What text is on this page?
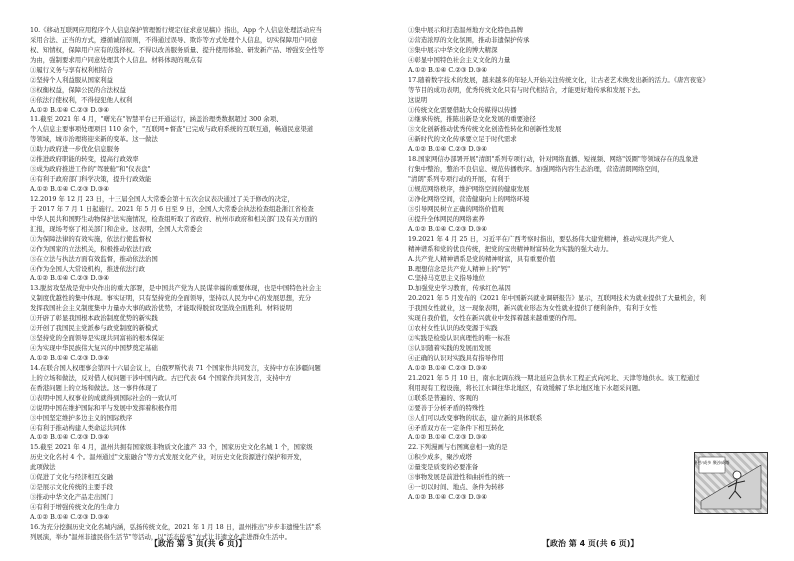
10.《移动互联网应用程序个人信息保护管理暂行规定(征求意见稿)》指出，App 个人信息处理活动应当
采用合法、正当的方式，遵循诚信原则，不得通过误导、欺诈等方式处理个人信息，切实保障用户同意
权、知情权，保障用户应有的选择权。不得以改善服务质量、提升使用体验、研发新产品、增强安全性等
为由，强制要求用户同意处理其个人信息。材料体现的观点有
①履行义务与享有权利相结合
②坚持个人利益服从国家利益
③权衡权益，保障公民的合法权益
④依法行使权利，不得侵犯他人权利
A.①② B.①④ C.②③ D.③④
11.截至 2021 年 4 月，"曙光在"智慧平台已开通运行，涵盖治理类数据超过 300 余项、
个人信息主要事项处理项目 110 余个，"互联网+督查"已完成与政府系统的互联互通，畅通民意渠道
等领域，城市治理将迎来新的变革。这一做法
①助力政府进一步优化信息服务
②推进政府职能的转变，提高行政效率
③成为政府推进工作的"驾驶舱"和"仪表盘"
④有利于政府部门科学决策，提升行政效能
A.①② B.①④ C.②③ D.③④
12.2019 年 12 月 23 日，十三届全国人大常委会第十五次会议表决通过了关于修改的决定，
于 2017 年 7 月 1 日起施行。2021 年 5 月 6 日至 9 日，全国人大常委会执法检查组赴浙江省检查
中华人民共和国野生动物保护法实施情况，检查组听取了省政府、杭州市政府和相关部门及有关方面的
汇报，现场考察了相关部门和企业。这表明，全国人大常委会
①为保障法律的有效实施，依法行使监督权
②作为国家的立法机关，积极推动依法行政
③在立法与执法方面有效监督，推动依法治国
④作为全国人大常设机构，推进依法行政
A.①② B.①④ C.②③ D.③④
13.脱贫攻坚战是党中央作出的重大部署，是中国共产党为人民谋幸福的重要体现，也是中国特色社会主
义制度优越性的集中体现。事实证明，只有坚持党的全面领导，坚持以人民为中心的发展思想，充分
发挥我国社会主义制度集中力量办大事的政治优势，才能取得脱贫攻坚战全面胜利。材料说明
①开辟了彰显我国根本政治制度优势的新实践
②开创了我国民主党派参与政党制度的新模式
③坚持党的全面领导是实现共同富裕的根本保证
④为实现中华民族伟大复兴的中国梦奠定基础
A.①② B.①④ C.②③ D.③④
14.在联合国人权理事会第四十六届会议上，白俄罗斯代表 71 个国家作共同发言，支持中方在涉疆问题
上的立场和做法，反对借人权问题干涉中国内政。古巴代表 64 个国家作共同发言，支持中方
在香港问题上的立场和做法。这一事件体现了
①表明中国人权事业的成就得到国际社会的一致认可
②说明中国在维护国际和平与发展中发挥着积极作用
③中国坚定维护多边主义的国际秩序
④有利于推动构建人类命运共同体
A.①② B.①④ C.②③ D.③④
15.截至 2021 年 4 月，温州共拥有国家级非物质文化遗产 33 个，国家历史文化名城 1 个，国家级
历史文化名村 4 个。温州通过"文旅融合"等方式发展文化产业，对历史文化资源进行保护和开发，
此项做法
①促进了文化与经济相互交融
②是展示文化传统的主要手段
③推动中华文化产品走出国门
④有利于增强传统文化的生命力
A.①② B.①④ C.②③ D.③④
16.为充分挖掘历史文化名城内涵，弘扬传统文化，2021 年 1 月 18 日，温州推出"步步非遗慢生活"系
列展演，举办"温州非遗民俗生活节"等活动，以"活态传承"方式让非遗文化走进群众生活中。
①集中展示和打造温州地方文化特色品牌
②营造浓厚的文化氛围，推动非遗保护传承
③集中展示中华文化的博大精深
④彰显中国特色社会主义文化的力量
A.①② B.①④ C.②③ D.③④
17.随着数字技术的发展，越来越多的年轻人开始关注传统文化，让古老艺术焕发出新的活力。《唐宫夜宴》
等节目的成功表明，优秀传统文化只有与时代相结合，才能更好地传承和发展下去。
这说明
①传统文化需要借助大众传媒得以传播
②继承传统，推陈出新是文化发展的重要途径
③文化创新推动优秀传统文化创造性转化和创新性发展
④新时代的文化传承要立足于时代需求
A.①② B.①④ C.②③ D.③④
18.国家网信办部署开展"清朗"系列专项行动，针对网络直播、短视频、网络"饭圈"等领域存在的乱象进
行集中整治，整治不良信息、规范传播秩序。加强网络内容生态治理，营造清朗网络空间，
"清朗"系列专项行动的开展，有利于
①规范网络秩序，维护网络空间的健康发展
②净化网络空间，营造健康向上的网络环境
③引导网民树立正确的网络价值观
④提升全体网民的网络素养
A.①② B.①④ C.②③ D.③④
19.2021 年 4 月 25 日，习近平在广西考察时指出，要弘扬伟大建党精神，推动实现共产党人
精神谱系和党的优良传统，把党的宝贵精神财富转化为实践的强大动力。
A.共产党人精神谱系是党的精神财富，具有重要价值
B.理想信念是共产党人精神上的"钙"
C.坚持马克思主义指导地位
D.加强党史学习教育，传承红色基因
20.2021 年 5 月发布的《2021 年中国新兴就业调研报告》显示，互联网技术为就业提供了大量机会，利
于我国女性就业，这一现象表明，新兴就业形态为女性就业提供了便利条件，有利于女性
实现自我价值，女性在新兴就业中发挥着越来越重要的作用。
①农村女性认识的改变源于实践
②实践是检验认识真理性的唯一标准
③认识随着实践的发展而发展
④正确的认识对实践具有指导作用
A.①② B.①④ C.②③ D.③④
21.2021 年 5 月 10 日，南水北调东线一期北延应急供水工程正式向河北、天津等地供水。该工程通过
利用现有工程设施，将长江水调往华北地区，有效缓解了华北地区地下水超采问题。
①联系是普遍的、客观的
②要善于分析矛盾的特殊性
③人们可以改变事物的状态，建立新的具体联系
④矛盾双方在一定条件下相互转化
A.①② B.①④ C.②③ D.③④
22.下列漫画与右图寓意相一致的是
①积少成多，聚沙成塔
②量变是质变的必要准备
③事物发展是前进性和曲折性的统一
④一切以时间、地点、条件为转移
A.①② B.①④ C.②③ D.③④
积少成多 聚沙成塔
【政治 第 3 页(共 6 页)】	【政治 第 4 页(共 6 页)】
